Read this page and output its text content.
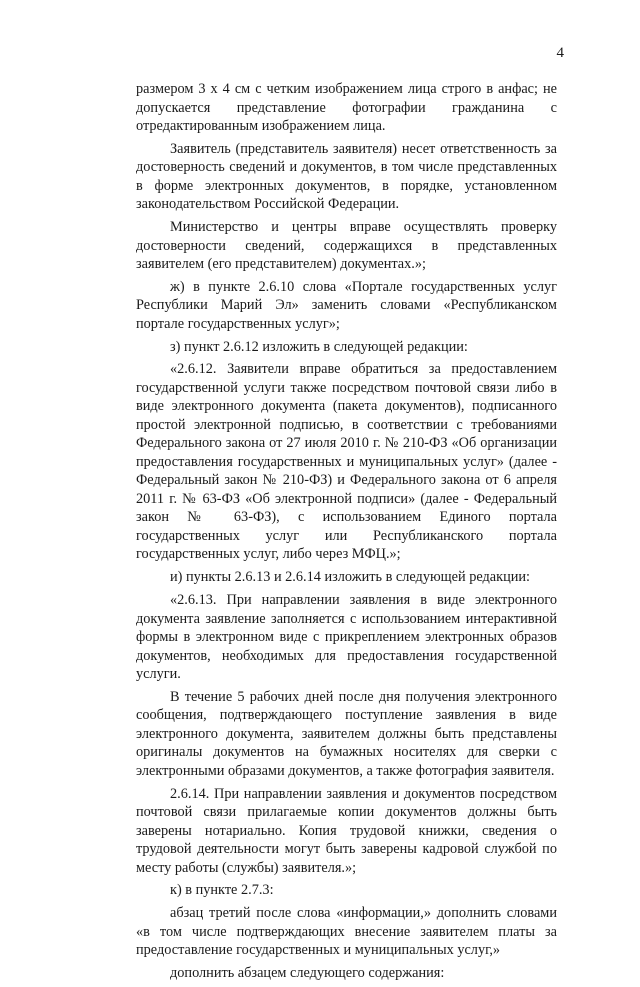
4

размером 3 х 4 см с четким изображением лица строго в анфас; не допускается представление фотографии гражданина с отредактированным изображением лица.

Заявитель (представитель заявителя) несет ответственность за достоверность сведений и документов, в том числе представленных в форме электронных документов, в порядке, установленном законодательством Российской Федерации.

Министерство и центры вправе осуществлять проверку достоверности сведений, содержащихся в представленных заявителем (его представителем) документах.»;

ж) в пункте 2.6.10 слова «Портале государственных услуг Республики Марий Эл» заменить словами «Республиканском портале государственных услуг»;

з) пункт 2.6.12 изложить в следующей редакции:

«2.6.12. Заявители вправе обратиться за предоставлением государственной услуги также посредством почтовой связи либо в виде электронного документа (пакета документов), подписанного простой электронной подписью, в соответствии с требованиями Федерального закона от 27 июля 2010 г. № 210-ФЗ «Об организации предоставления государственных и муниципальных услуг» (далее - Федеральный закон № 210-ФЗ) и Федерального закона от 6 апреля 2011 г. № 63-ФЗ «Об электронной подписи» (далее - Федеральный закон № 63-ФЗ), с использованием Единого портала государственных услуг или Республиканского портала государственных услуг, либо через МФЦ.»;

и) пункты 2.6.13 и 2.6.14 изложить в следующей редакции:

«2.6.13. При направлении заявления в виде электронного документа заявление заполняется с использованием интерактивной формы в электронном виде с прикреплением электронных образов документов, необходимых для предоставления государственной услуги.

В течение 5 рабочих дней после дня получения электронного сообщения, подтверждающего поступление заявления в виде электронного документа, заявителем должны быть представлены оригиналы документов на бумажных носителях для сверки с электронными образами документов, а также фотография заявителя.

2.6.14. При направлении заявления и документов посредством почтовой связи прилагаемые копии документов должны быть заверены нотариально. Копия трудовой книжки, сведения о трудовой деятельности могут быть заверены кадровой службой по месту работы (службы) заявителя.»;

к) в пункте 2.7.3:

абзац третий после слова «информации,» дополнить словами «в том числе подтверждающих внесение заявителем платы за предоставление государственных и муниципальных услуг,»

дополнить абзацем следующего содержания:
